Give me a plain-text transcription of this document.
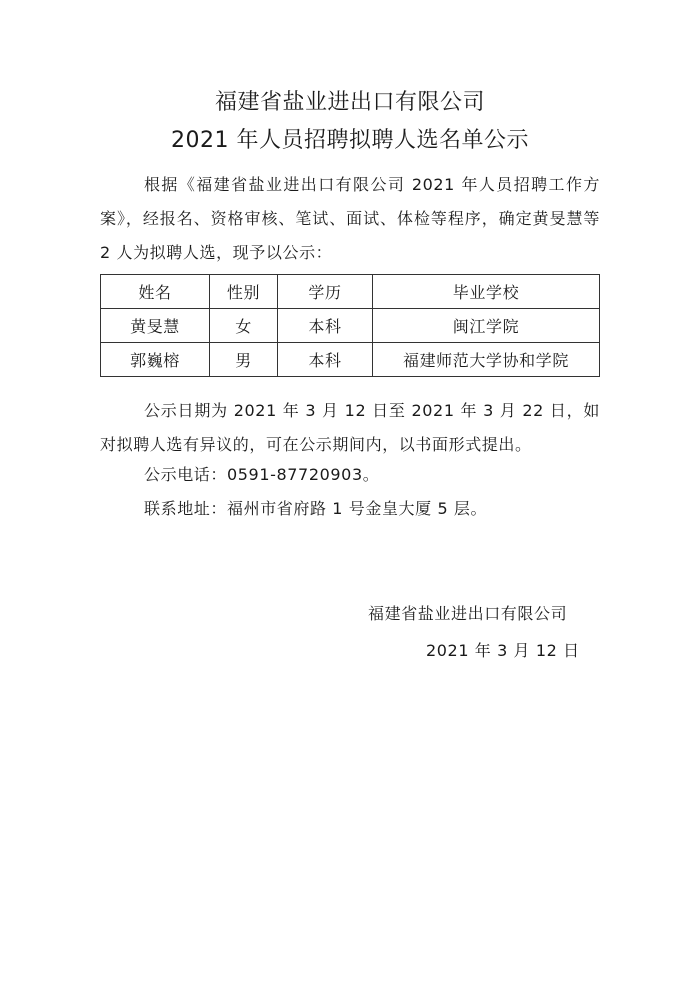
福建省盐业进出口有限公司
2021 年人员招聘拟聘人选名单公示
根据《福建省盐业进出口有限公司 2021 年人员招聘工作方案》，经报名、资格审核、笔试、面试、体检等程序，确定黄旻慧等 2 人为拟聘人选，现予以公示：
姓名	性别	学历	毕业学校
黄旻慧	女	本科	闽江学院
郭巍榕	男	本科	福建师范大学协和学院
公示日期为 2021 年 3 月 12 日至 2021 年 3 月 22 日，如对拟聘人选有异议的，可在公示期间内，以书面形式提出。
公示电话：0591-87720903。
联系地址：福州市省府路 1 号金皇大厦 5 层。
福建省盐业进出口有限公司
2021 年 3 月 12 日
